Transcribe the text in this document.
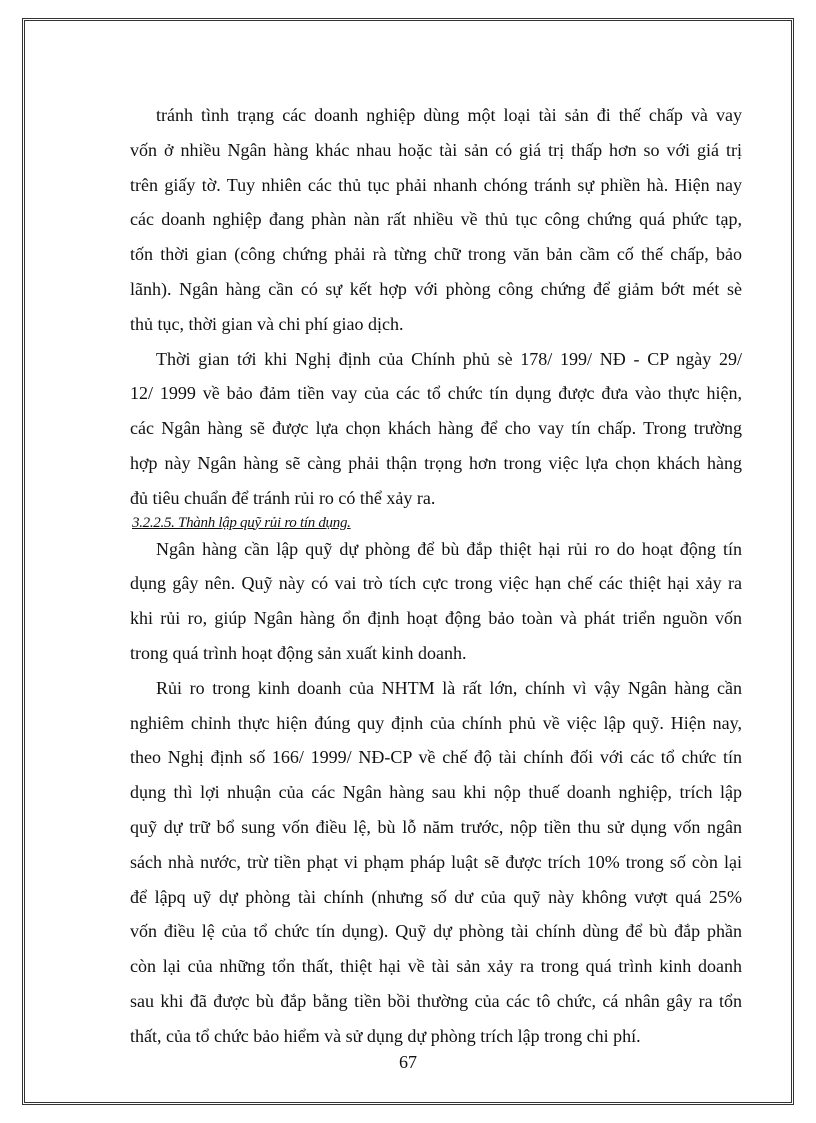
tránh tình trạng các doanh nghiệp dùng một loại tài sản đi thế chấp và vay
vốn ở nhiều Ngân hàng khác nhau hoặc tài sản có giá trị thấp hơn so với giá trị
trên giấy tờ. Tuy nhiên các thủ tục phải nhanh chóng tránh sự phiền hà. Hiện nay
các doanh nghiệp đang phàn nàn rất nhiều về thủ tục công chứng quá phức tạp,
tốn thời gian (công chứng phải rà từng chữ trong văn bản cầm cố thế chấp, bảo
lãnh). Ngân hàng cần có sự kết hợp với phòng công chứng để giảm bớt mét sè
thủ tục, thời gian và chi phí giao dịch.
Thời gian tới khi Nghị định của Chính phủ sè 178/ 199/ NĐ - CP ngày 29/
12/ 1999 về bảo đảm tiền vay của các tổ chức tín dụng được đưa vào thực hiện,
các Ngân hàng sẽ được lựa chọn khách hàng để cho vay tín chấp. Trong trường
hợp này Ngân hàng sẽ càng phải thận trọng hơn trong việc lựa chọn khách hàng
đủ tiêu chuẩn để tránh rủi ro có thể xảy ra.
3.2.2.5. Thành lập quỹ rủi ro tín dụng.
Ngân hàng cần lập quỹ dự phòng để bù đắp thiệt hại rủi ro do hoạt động tín
dụng gây nên. Quỹ này có vai trò tích cực trong việc hạn chế các thiệt hại xảy ra
khi rủi ro, giúp Ngân hàng ổn định hoạt động bảo toàn và phát triển nguồn vốn
trong quá trình hoạt động sản xuất kinh doanh.
Rủi ro trong kinh doanh của NHTM là rất lớn, chính vì vậy Ngân hàng cần
nghiêm chỉnh thực hiện đúng quy định của chính phủ về việc lập quỹ. Hiện nay,
theo Nghị định số 166/ 1999/ NĐ-CP về chế độ tài chính đối với các tổ chức tín
dụng thì lợi nhuận của các Ngân hàng sau khi nộp thuế doanh nghiệp, trích lập
quỹ dự trữ bổ sung vốn điều lệ, bù lỗ năm trước, nộp tiền thu sử dụng vốn ngân
sách nhà nước, trừ tiền phạt vi phạm pháp luật sẽ được trích 10% trong số còn lại
để lậpq uỹ dự phòng tài chính (nhưng số dư của quỹ này không vượt quá 25%
vốn điều lệ của tổ chức tín dụng). Quỹ dự phòng tài chính dùng để bù đắp phần
còn lại của những tổn thất, thiệt hại về tài sản xảy ra trong quá trình kinh doanh
sau khi đã được bù đắp bằng tiền bồi thường của các tô chức, cá nhân gây ra tổn
thất, của tổ chức bảo hiểm và sử dụng dự phòng trích lập trong chi phí.
67
